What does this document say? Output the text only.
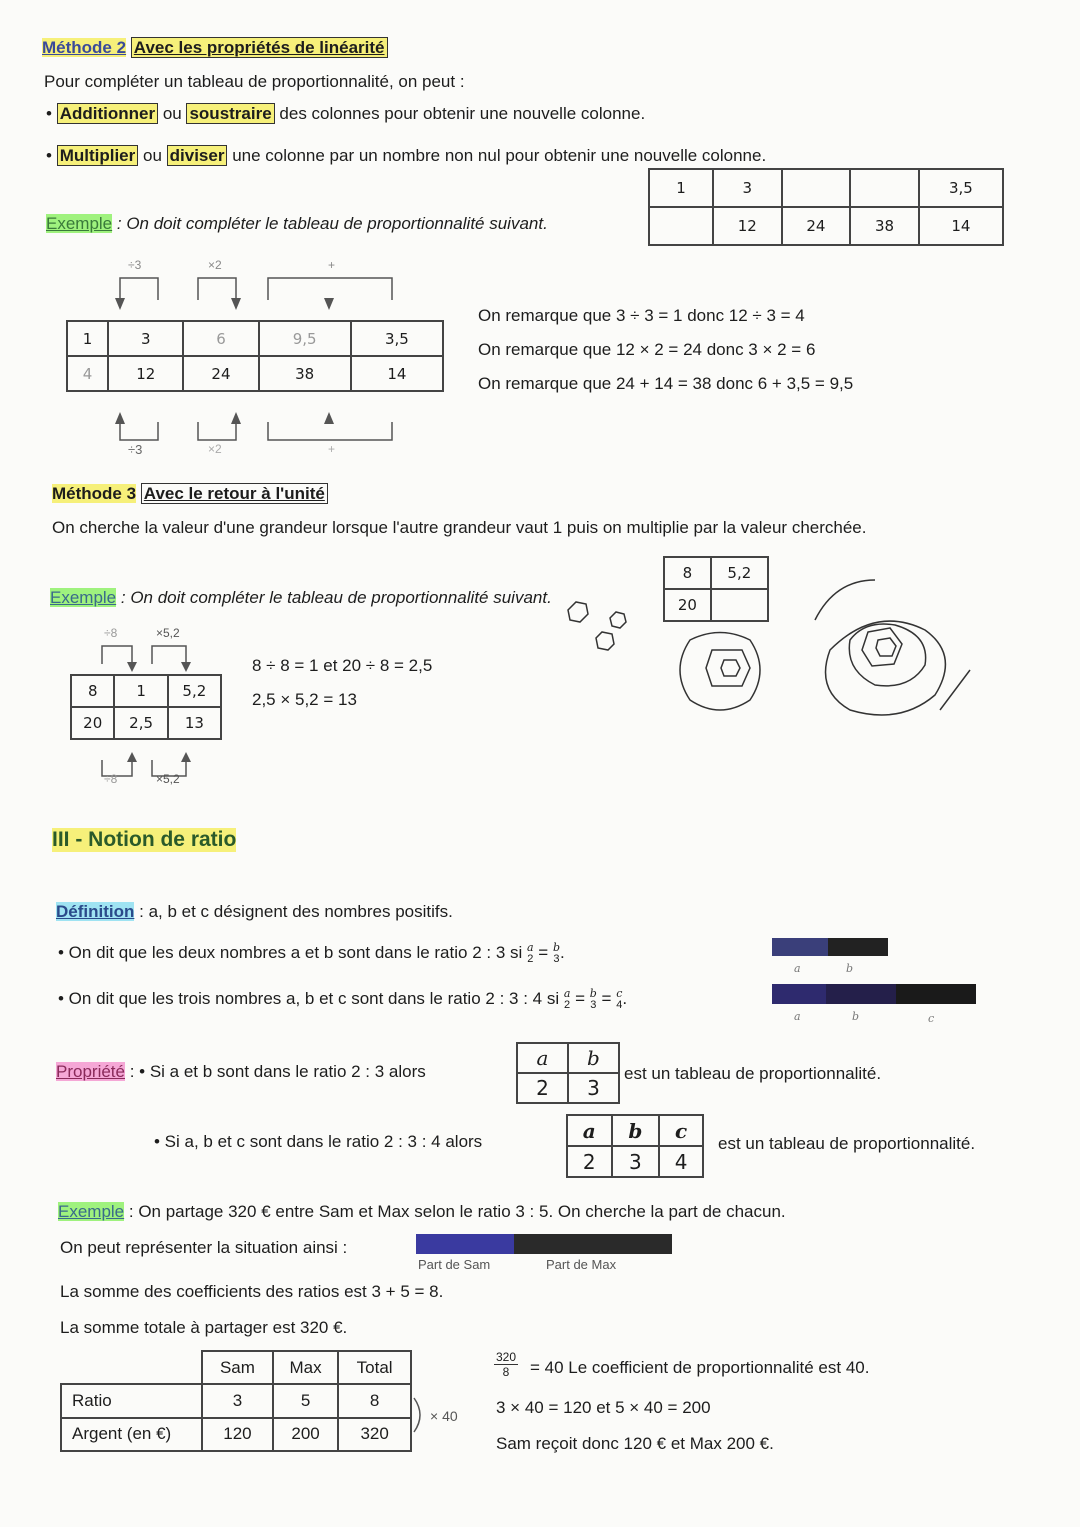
Méthode 2 Avec les propriétés de linéarité
Pour compléter un tableau de proportionnalité, on peut :
• Additionner ou soustraire des colonnes pour obtenir une nouvelle colonne.
• Multiplier ou diviser une colonne par un nombre non nul pour obtenir une nouvelle colonne.
Exemple : On doit compléter le tableau de proportionnalité suivant.
1	3			3,5
	12	24	38	14
÷3	×2	+
÷3	×2	+
1	3	6	9,5	3,5
4	12	24	38	14
On remarque que 3 ÷ 3 = 1 donc 12 ÷ 3 = 4
On remarque que 12 × 2 = 24 donc 3 × 2 = 6
On remarque que 24 + 14 = 38 donc 6 + 3,5 = 9,5
Méthode 3 Avec le retour à l'unité
On cherche la valeur d'une grandeur lorsque l'autre grandeur vaut 1 puis on multiplie par la valeur cherchée.
Exemple : On doit compléter le tableau de proportionnalité suivant.
8	5,2
20	
÷8	×5,2
÷8	×5,2
8	1	5,2
20	2,5	13
8 ÷ 8 = 1 et 20 ÷ 8 = 2,5
2,5 × 5,2 = 13
III - Notion de ratio
Définition : a, b et c désignent des nombres positifs.
• On dit que les deux nombres a et b sont dans le ratio 2 : 3 si a
2 = b
3.
• On dit que les trois nombres a, b et c sont dans le ratio 2 : 3 : 4 si a
2 = b
3 = c
4.
a	b
a	b	c
Propriété : • Si a et b sont dans le ratio 2 : 3 alors
a	b
2	3
est un tableau de proportionnalité.
• Si a, b et c sont dans le ratio 2 : 3 : 4 alors	a	b	c
2	3	4
est un tableau de proportionnalité.
Exemple : On partage 320 € entre Sam et Max selon le ratio 3 : 5. On cherche la part de chacun.
On peut représenter la situation ainsi :
Part de Sam	Part de Max
La somme des coefficients des ratios est 3 + 5 = 8.
La somme totale à partager est 320 €.
	Sam	Max	Total
Ratio	3	5	8
Argent (en €)	120	200	320
× 40
$\frac{320}{8} = 40$ Le coefficient de proportionnalité est 40.
3 × 40 = 120 et 5 × 40 = 200
Sam reçoit donc 120 € et Max 200 €.
